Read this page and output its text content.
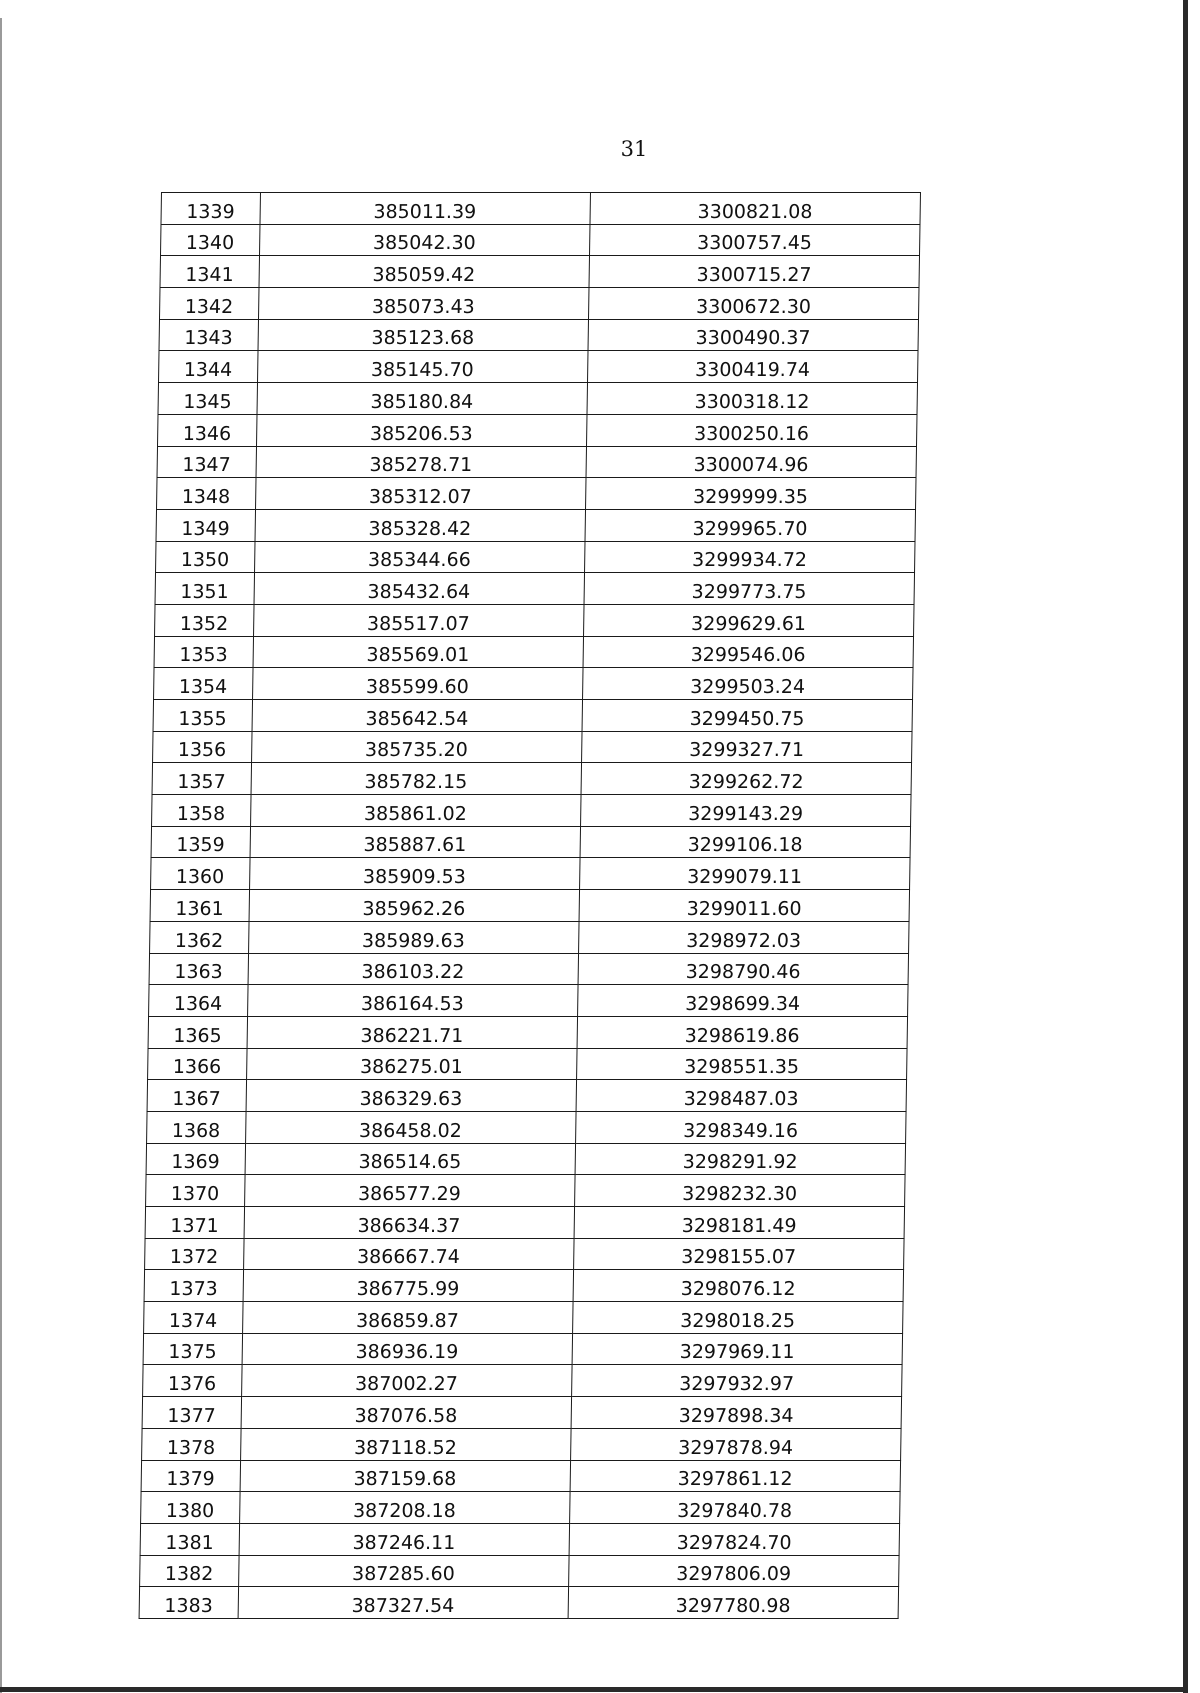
31
1339	385011.39	3300821.08
1340	385042.30	3300757.45
1341	385059.42	3300715.27
1342	385073.43	3300672.30
1343	385123.68	3300490.37
1344	385145.70	3300419.74
1345	385180.84	3300318.12
1346	385206.53	3300250.16
1347	385278.71	3300074.96
1348	385312.07	3299999.35
1349	385328.42	3299965.70
1350	385344.66	3299934.72
1351	385432.64	3299773.75
1352	385517.07	3299629.61
1353	385569.01	3299546.06
1354	385599.60	3299503.24
1355	385642.54	3299450.75
1356	385735.20	3299327.71
1357	385782.15	3299262.72
1358	385861.02	3299143.29
1359	385887.61	3299106.18
1360	385909.53	3299079.11
1361	385962.26	3299011.60
1362	385989.63	3298972.03
1363	386103.22	3298790.46
1364	386164.53	3298699.34
1365	386221.71	3298619.86
1366	386275.01	3298551.35
1367	386329.63	3298487.03
1368	386458.02	3298349.16
1369	386514.65	3298291.92
1370	386577.29	3298232.30
1371	386634.37	3298181.49
1372	386667.74	3298155.07
1373	386775.99	3298076.12
1374	386859.87	3298018.25
1375	386936.19	3297969.11
1376	387002.27	3297932.97
1377	387076.58	3297898.34
1378	387118.52	3297878.94
1379	387159.68	3297861.12
1380	387208.18	3297840.78
1381	387246.11	3297824.70
1382	387285.60	3297806.09
1383	387327.54	3297780.98
